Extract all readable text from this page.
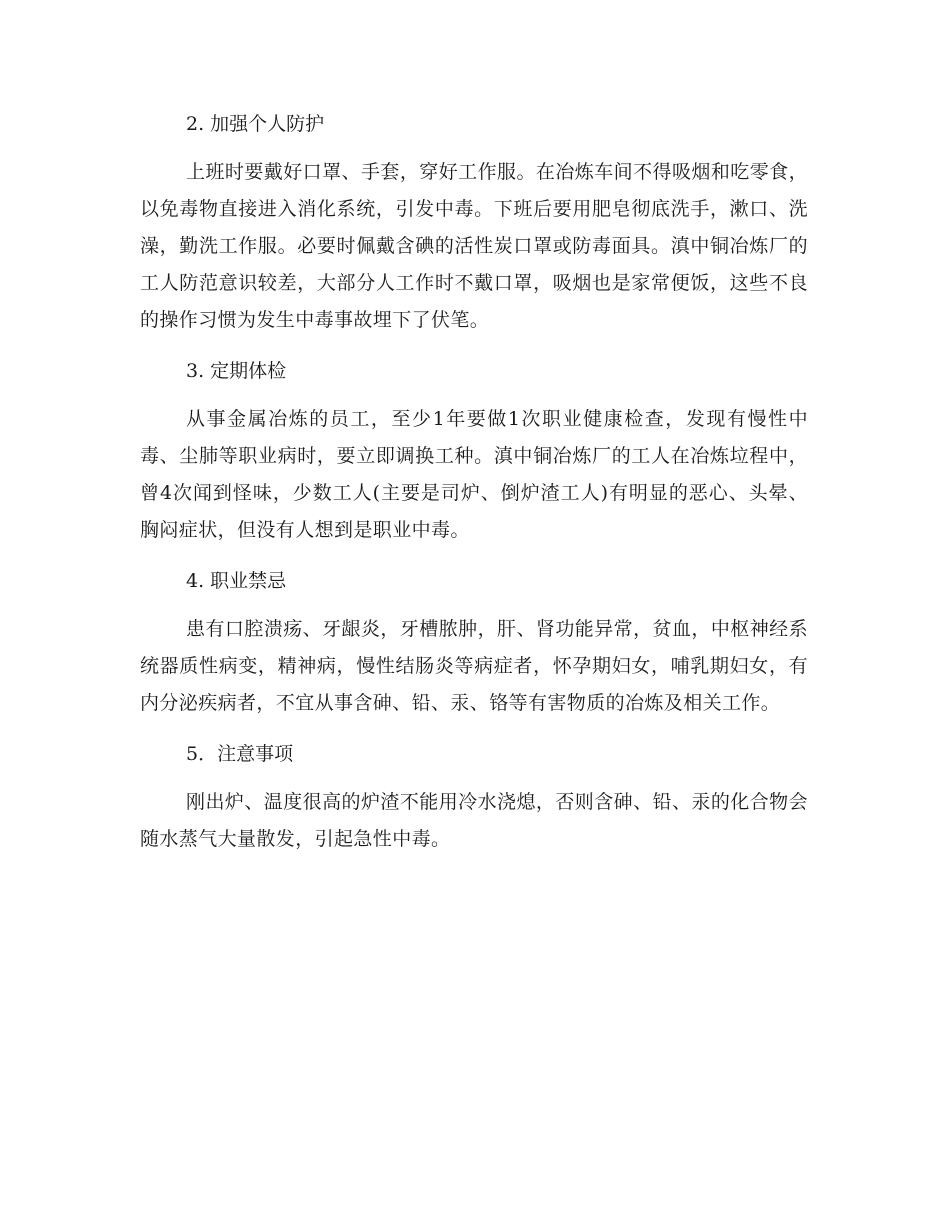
2. 加强个人防护

上班时要戴好口罩、手套，穿好工作服。在冶炼车间不得吸烟和吃零食，以免毒物直接进入消化系统，引发中毒。下班后要用肥皂彻底洗手，漱口、洗澡，勤洗工作服。必要时佩戴含碘的活性炭口罩或防毒面具。滇中铜冶炼厂的工人防范意识较差，大部分人工作时不戴口罩，吸烟也是家常便饭，这些不良的操作习惯为发生中毒事故埋下了伏笔。

3. 定期体检

从事金属冶炼的员工，至少1年要做1次职业健康检查，发现有慢性中毒、尘肺等职业病时，要立即调换工种。滇中铜冶炼厂的工人在冶炼垃程中，曾4次闻到怪味，少数工人(主要是司炉、倒炉渣工人)有明显的恶心、头晕、胸闷症状，但没有人想到是职业中毒。

4. 职业禁忌

患有口腔溃疡、牙龈炎，牙槽脓肿，肝、肾功能异常，贫血，中枢神经系统器质性病变，精神病，慢性结肠炎等病症者，怀孕期妇女，哺乳期妇女，有内分泌疾病者，不宜从事含砷、铅、汞、铬等有害物质的冶炼及相关工作。

5．注意事项

刚出炉、温度很高的炉渣不能用冷水浇熄，否则含砷、铅、汞的化合物会随水蒸气大量散发，引起急性中毒。
